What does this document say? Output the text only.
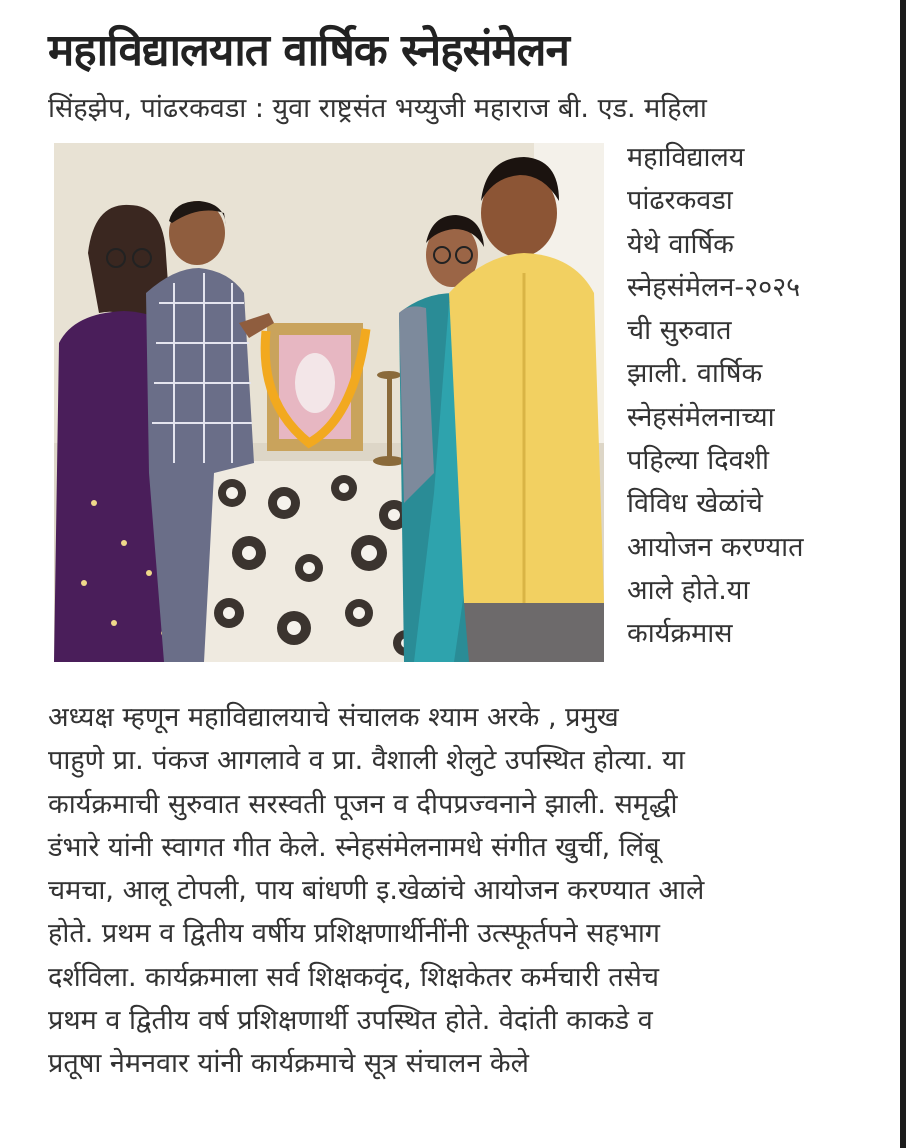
महाविद्यालयात वार्षिक स्नेहसंमेलन
सिंहझेप, पांढरकवडा : युवा राष्ट्रसंत भय्युजी महाराज बी. एड. महिला
महाविद्यालय
पांढरकवडा
येथे वार्षिक
स्नेहसंमेलन-२०२५
ची सुरुवात
झाली. वार्षिक
स्नेहसंमेलनाच्या
पहिल्या दिवशी
विविध खेळांचे
आयोजन करण्यात
आले होते.या
कार्यक्रमास
अध्यक्ष म्हणून महाविद्यालयाचे संचालक श्याम अरके , प्रमुख
पाहुणे प्रा. पंकज आगलावे व प्रा. वैशाली शेलुटे उपस्थित होत्या. या
कार्यक्रमाची सुरुवात सरस्वती पूजन व दीपप्रज्वनाने झाली. समृद्धी
डंभारे यांनी स्वागत गीत केले. स्नेहसंमेलनामधे संगीत खुर्ची, लिंबू
चमचा, आलू टोपली, पाय बांधणी इ.खेळांचे आयोजन करण्यात आले
होते. प्रथम व द्वितीय वर्षीय प्रशिक्षणार्थीनींनी उत्स्फूर्तपने सहभाग
दर्शविला. कार्यक्रमाला सर्व शिक्षकवृंद, शिक्षकेतर कर्मचारी तसेच
प्रथम व द्वितीय वर्ष प्रशिक्षणार्थी उपस्थित होते. वेदांती काकडे व
प्रतूषा नेमनवार यांनी कार्यक्रमाचे सूत्र संचालन केले
